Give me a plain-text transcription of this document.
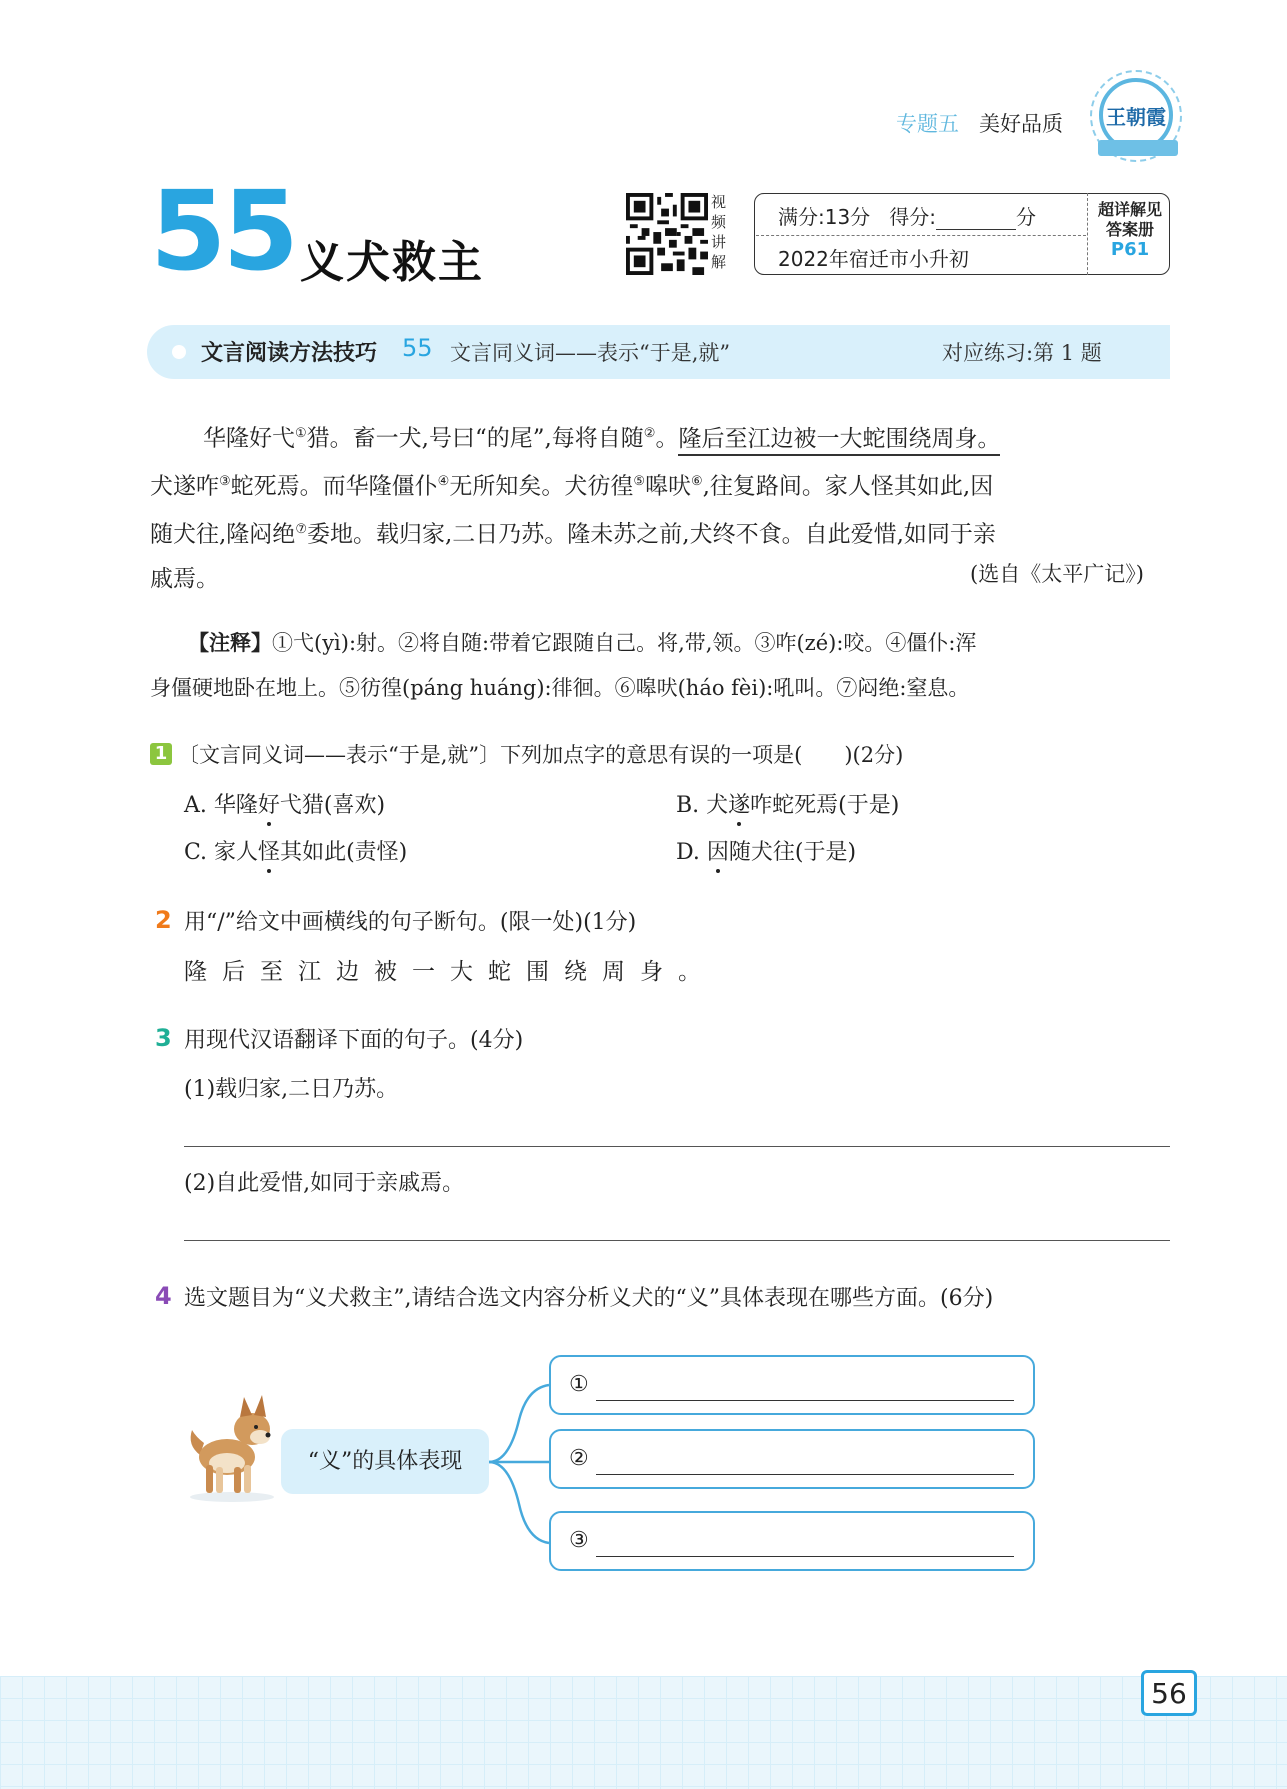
专题五 美好品质 王朝霞
55 义犬救主
视频讲解
满分:13分 得分:	分
2022年宿迁市小升初
超详解见
答案册
P61
文言阅读方法技巧 55 文言同义词——表示“于是,就”	对应练习:第 1 题
华隆好弋①猎。畜一犬,号曰“的尾”,每将自随②。隆后至江边被一大蛇围绕周身。
犬遂咋③蛇死焉。而华隆僵仆④无所知矣。犬彷徨⑤嗥吠⑥,往复路间。家人怪其如此,因
随犬往,隆闷绝⑦委地。载归家,二日乃苏。隆未苏之前,犬终不食。自此爱惜,如同于亲
戚焉。	(选自《太平广记》)
【注释】①弋(yì):射。②将自随:带着它跟随自己。将,带,领。③咋(zé):咬。④僵仆:浑
身僵硬地卧在地上。⑤彷徨(páng huáng):徘徊。⑥嗥吠(háo fèi):吼叫。⑦闷绝:窒息。
1 〔文言同义词——表示“于是,就”〕下列加点字的意思有误的一项是(　　)(2分)
A. 华隆好弋猎(喜欢)	B. 犬遂咋蛇死焉(于是)
C. 家人怪其如此(责怪)	D. 因随犬往(于是)
2 用“/”给文中画横线的句子断句。(限一处)(1分)
隆后至江边被一大蛇围绕周身。
3 用现代汉语翻译下面的句子。(4分)
(1)载归家,二日乃苏。
(2)自此爱惜,如同于亲戚焉。
4 选文题目为“义犬救主”,请结合选文内容分析义犬的“义”具体表现在哪些方面。(6分)
“义”的具体表现
①
②
③
56
